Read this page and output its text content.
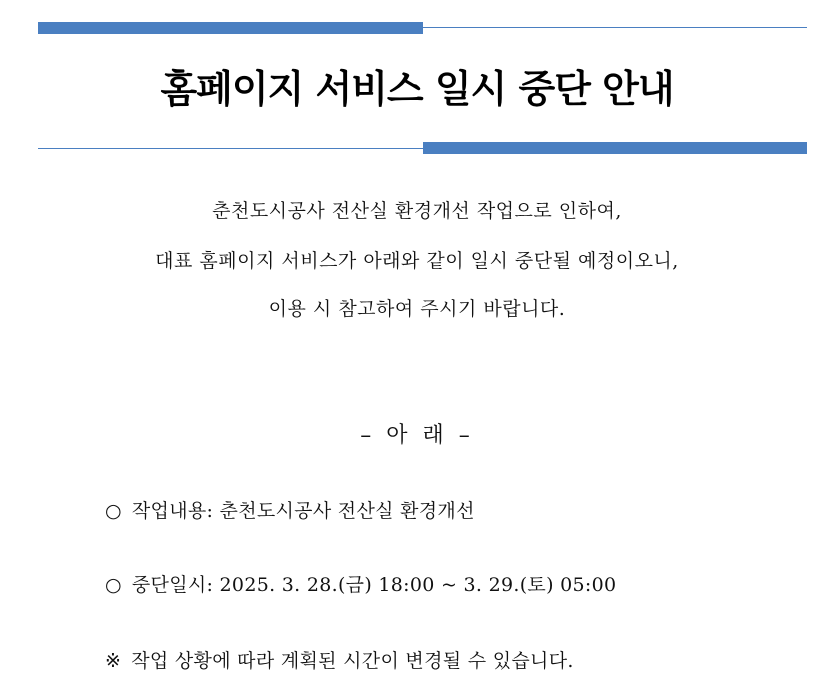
홈페이지 서비스 일시 중단 안내
춘천도시공사 전산실 환경개선 작업으로 인하여,
대표 홈페이지 서비스가 아래와 같이 일시 중단될 예정이오니,
이용 시 참고하여 주시기 바랍니다.
– 아 래 –
○ 작업내용: 춘천도시공사 전산실 환경개선
○ 중단일시: 2025. 3. 28.(금) 18:00 ~ 3. 29.(토) 05:00
※ 작업 상황에 따라 계획된 시간이 변경될 수 있습니다.
